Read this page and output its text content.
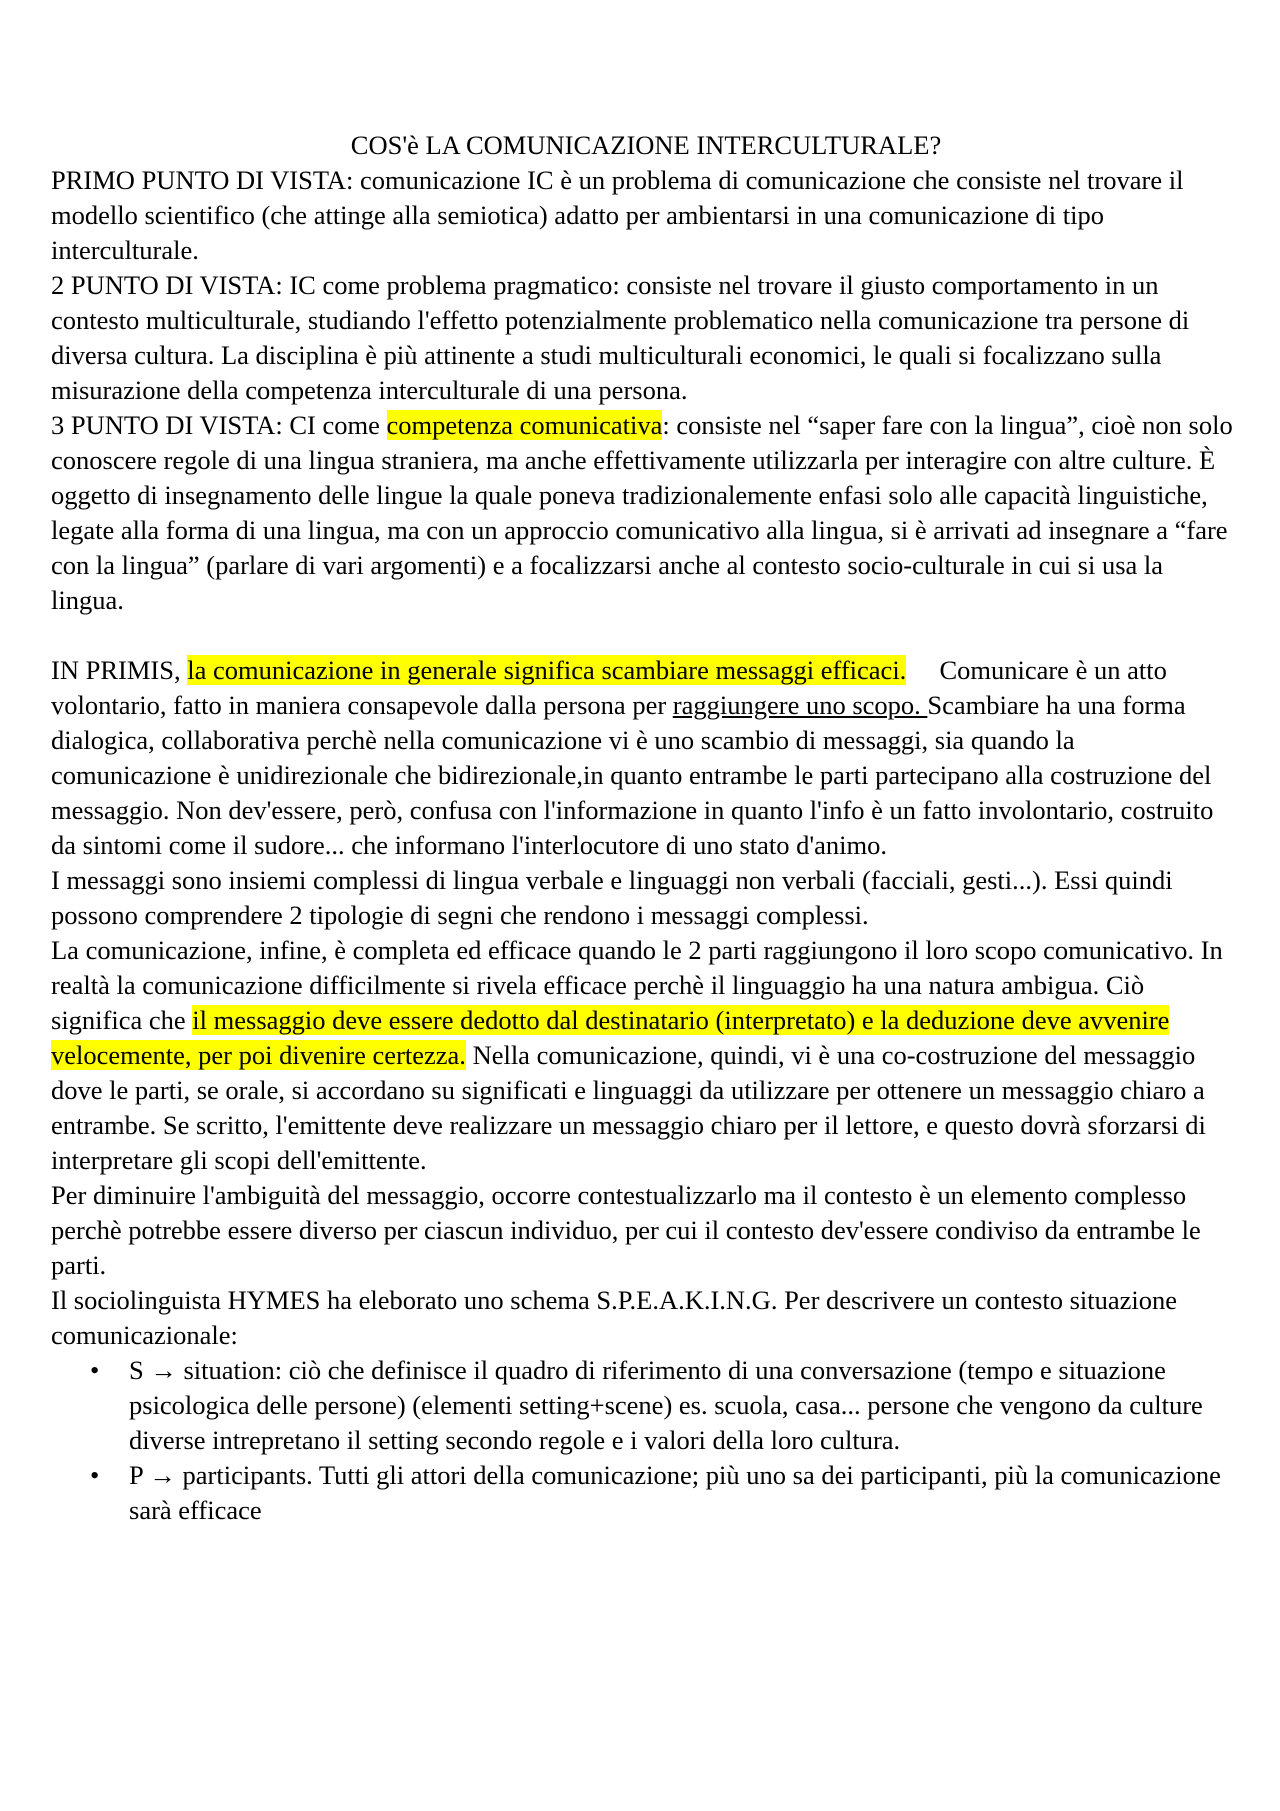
COS'è LA COMUNICAZIONE INTERCULTURALE?

PRIMO PUNTO DI VISTA: comunicazione IC è un problema di comunicazione che consiste nel trovare il modello scientifico (che attinge alla semiotica) adatto per ambientarsi in una comunicazione di tipo interculturale.

2 PUNTO DI VISTA: IC come problema pragmatico: consiste nel trovare il giusto comportamento in un contesto multiculturale, studiando l'effetto potenzialmente problematico nella comunicazione tra persone di diversa cultura. La disciplina è più attinente a studi multiculturali economici, le quali si focalizzano sulla misurazione della competenza interculturale di una persona.

3 PUNTO DI VISTA: CI come competenza comunicativa: consiste nel “saper fare con la lingua”, cioè non solo conoscere regole di una lingua straniera, ma anche effettivamente utilizzarla per interagire con altre culture. È oggetto di insegnamento delle lingue la quale poneva tradizionalemente enfasi solo alle capacità linguistiche, legate alla forma di una lingua, ma con un approccio comunicativo alla lingua, si è arrivati ad insegnare a “fare con la lingua” (parlare di vari argomenti) e a focalizzarsi anche al contesto socio-culturale in cui si usa la lingua.

IN PRIMIS, la comunicazione in generale significa scambiare messaggi efficaci.     Comunicare è un atto volontario, fatto in maniera consapevole dalla persona per raggiungere uno scopo. Scambiare ha una forma dialogica, collaborativa perchè nella comunicazione vi è uno scambio di messaggi, sia quando la comunicazione è unidirezionale che bidirezionale,in quanto entrambe le parti partecipano alla costruzione del messaggio. Non dev'essere, però, confusa con l'informazione in quanto l'info è un fatto involontario, costruito da sintomi come il sudore... che informano l'interlocutore di uno stato d'animo.

I messaggi sono insiemi complessi di lingua verbale e linguaggi non verbali (facciali, gesti...). Essi quindi possono comprendere 2 tipologie di segni che rendono i messaggi complessi.

La comunicazione, infine, è completa ed efficace quando le 2 parti raggiungono il loro scopo comunicativo. In realtà la comunicazione difficilmente si rivela efficace perchè il linguaggio ha una natura ambigua. Ciò significa che il messaggio deve essere dedotto dal destinatario (interpretato) e la deduzione deve avvenire velocemente, per poi divenire certezza. Nella comunicazione, quindi, vi è una co-costruzione del messaggio dove le parti, se orale, si accordano su significati e linguaggi da utilizzare per ottenere un messaggio chiaro a entrambe. Se scritto, l'emittente deve realizzare un messaggio chiaro per il lettore, e questo dovrà sforzarsi di interpretare gli scopi dell'emittente.

Per diminuire l'ambiguità del messaggio, occorre contestualizzarlo ma il contesto è un elemento complesso perchè potrebbe essere diverso per ciascun individuo, per cui il contesto dev'essere condiviso da entrambe le parti.

Il sociolinguista HYMES ha eleborato uno schema S.P.E.A.K.I.N.G. Per descrivere un contesto situazione comunicazionale:

• S → situation: ciò che definisce il quadro di riferimento di una conversazione (tempo e situazione psicologica delle persone) (elementi setting+scene) es. scuola, casa... persone che vengono da culture diverse intrepretano il setting secondo regole e i valori della loro cultura.
• P → participants. Tutti gli attori della comunicazione; più uno sa dei participanti, più la comunicazione sarà efficace
